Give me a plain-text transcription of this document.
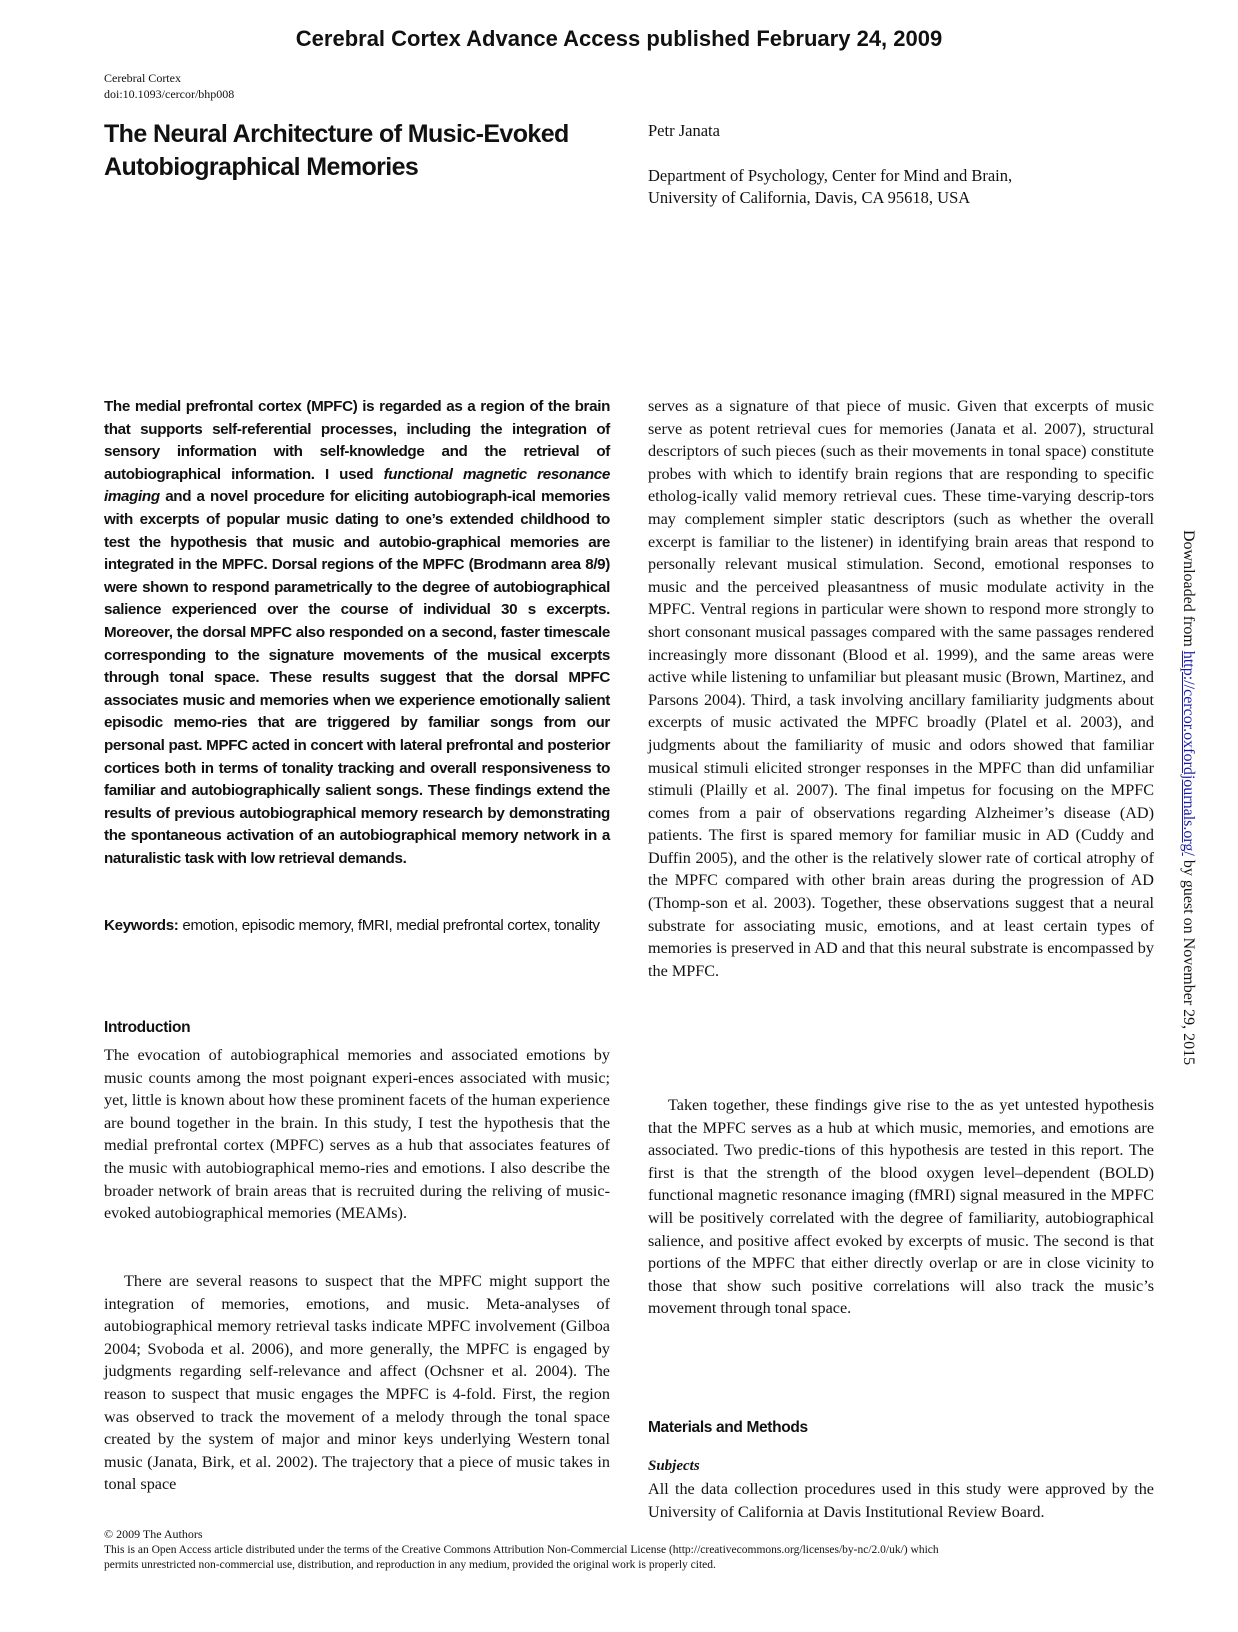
Cerebral Cortex Advance Access published February 24, 2009
Cerebral Cortex
doi:10.1093/cercor/bhp008
The Neural Architecture of Music-Evoked
Autobiographical Memories
Petr Janata
Department of Psychology, Center for Mind and Brain,
University of California, Davis, CA 95618, USA

The medial prefrontal cortex (MPFC) is regarded as a region of the brain that supports self-referential processes, including the integration of sensory information with self-knowledge and the retrieval of autobiographical information. I used functional magnetic resonance imaging and a novel procedure for eliciting autobiograph-ical memories with excerpts of popular music dating to one’s extended childhood to test the hypothesis that music and autobio-graphical memories are integrated in the MPFC. Dorsal regions of the MPFC (Brodmann area 8/9) were shown to respond parametrically to the degree of autobiographical salience experienced over the course of individual 30 s excerpts. Moreover, the dorsal MPFC also responded on a second, faster timescale corresponding to the signature movements of the musical excerpts through tonal space. These results suggest that the dorsal MPFC associates music and memories when we experience emotionally salient episodic memo-ries that are triggered by familiar songs from our personal past. MPFC acted in concert with lateral prefrontal and posterior cortices both in terms of tonality tracking and overall responsiveness to familiar and autobiographically salient songs. These findings extend the results of previous autobiographical memory research by demonstrating the spontaneous activation of an autobiographical memory network in a naturalistic task with low retrieval demands.

Keywords: emotion, episodic memory, fMRI, medial prefrontal cortex, tonality

Introduction

The evocation of autobiographical memories and associated emotions by music counts among the most poignant experi-ences associated with music; yet, little is known about how these prominent facets of the human experience are bound together in the brain. In this study, I test the hypothesis that the medial prefrontal cortex (MPFC) serves as a hub that associates features of the music with autobiographical memo-ries and emotions. I also describe the broader network of brain areas that is recruited during the reliving of music-evoked autobiographical memories (MEAMs).

There are several reasons to suspect that the MPFC might support the integration of memories, emotions, and music. Meta-analyses of autobiographical memory retrieval tasks indicate MPFC involvement (Gilboa 2004; Svoboda et al. 2006), and more generally, the MPFC is engaged by judgments regarding self-relevance and affect (Ochsner et al. 2004). The reason to suspect that music engages the MPFC is 4-fold. First, the region was observed to track the movement of a melody through the tonal space created by the system of major and minor keys underlying Western tonal music (Janata, Birk, et al. 2002). The trajectory that a piece of music takes in tonal space

serves as a signature of that piece of music. Given that excerpts of music serve as potent retrieval cues for memories (Janata et al. 2007), structural descriptors of such pieces (such as their movements in tonal space) constitute probes with which to identify brain regions that are responding to specific etholog-ically valid memory retrieval cues. These time-varying descrip-tors may complement simpler static descriptors (such as whether the overall excerpt is familiar to the listener) in identifying brain areas that respond to personally relevant musical stimulation. Second, emotional responses to music and the perceived pleasantness of music modulate activity in the MPFC. Ventral regions in particular were shown to respond more strongly to short consonant musical passages compared with the same passages rendered increasingly more dissonant (Blood et al. 1999), and the same areas were active while listening to unfamiliar but pleasant music (Brown, Martinez, and Parsons 2004). Third, a task involving ancillary familiarity judgments about excerpts of music activated the MPFC broadly (Platel et al. 2003), and judgments about the familiarity of music and odors showed that familiar musical stimuli elicited stronger responses in the MPFC than did unfamiliar stimuli (Plailly et al. 2007). The final impetus for focusing on the MPFC comes from a pair of observations regarding Alzheimer’s disease (AD) patients. The first is spared memory for familiar music in AD (Cuddy and Duffin 2005), and the other is the relatively slower rate of cortical atrophy of the MPFC compared with other brain areas during the progression of AD (Thomp-son et al. 2003). Together, these observations suggest that a neural substrate for associating music, emotions, and at least certain types of memories is preserved in AD and that this neural substrate is encompassed by the MPFC.

Taken together, these findings give rise to the as yet untested hypothesis that the MPFC serves as a hub at which music, memories, and emotions are associated. Two predic-tions of this hypothesis are tested in this report. The first is that the strength of the blood oxygen level–dependent (BOLD) functional magnetic resonance imaging (fMRI) signal measured in the MPFC will be positively correlated with the degree of familiarity, autobiographical salience, and positive affect evoked by excerpts of music. The second is that portions of the MPFC that either directly overlap or are in close vicinity to those that show such positive correlations will also track the music’s movement through tonal space.

Materials and Methods
Subjects

All the data collection procedures used in this study were approved by the University of California at Davis Institutional Review Board.

© 2009 The Authors
This is an Open Access article distributed under the terms of the Creative Commons Attribution Non-Commercial License (http://creativecommons.org/licenses/by-nc/2.0/uk/) which
permits unrestricted non-commercial use, distribution, and reproduction in any medium, provided the original work is properly cited.
Downloaded from http://cercor.oxfordjournals.org/ by guest on November 29, 2015
